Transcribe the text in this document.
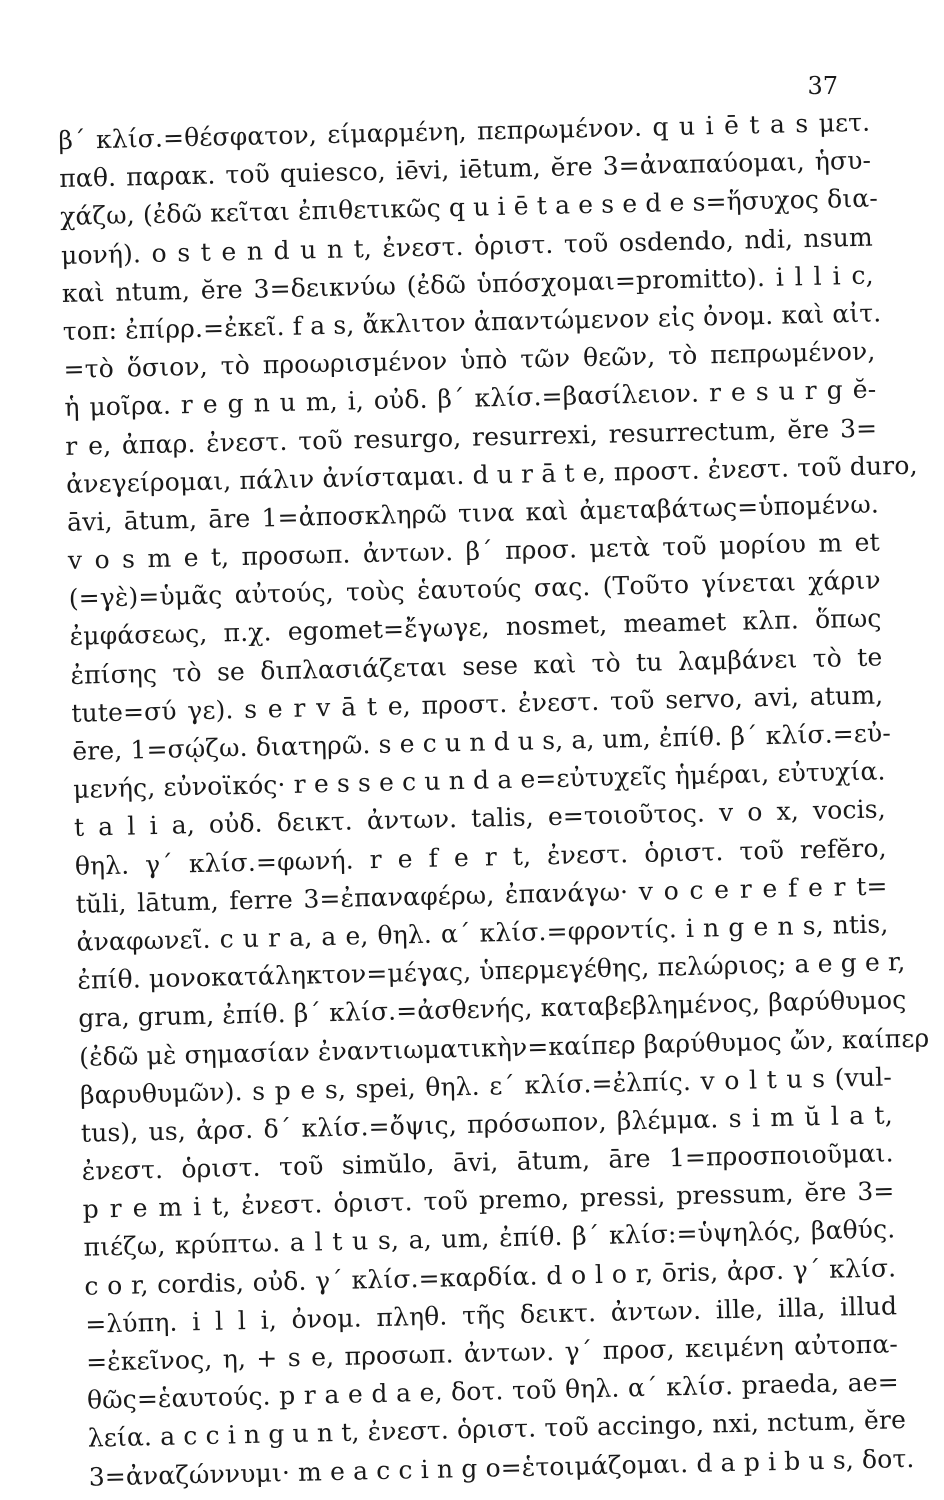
37
β΄ κλίσ.=θέσφατον, είμαρμένη, πεπρωμένον. q u i ē t a s μετ.
παθ. παρακ. τοῦ quiesco, iēvi, iētum, ĕre 3=ἀναπαύομαι, ἡσυ-
χάζω, (ἐδῶ κεῖται ἐπιθετικῶς q u i ē t a e s e d e s=ἥσυχος δια-
μονή). o s t e n d u n t, ἐνεστ. ὁριστ. τοῦ osdendo, ndi, nsum
καὶ ntum, ĕre 3=δεικνύω (ἐδῶ ὑπόσχομαι=promitto). i l l i c,
τοπ: ἐπίρρ.=ἐκεῖ. f a s, ἄκλιτον ἀπαντώμενον εἰς ὀνομ. καὶ αἰτ.
=τὸ ὅσιον, τὸ προωρισμένον ὑπὸ τῶν θεῶν, τὸ πεπρωμένον,
ἡ μοῖρα. r e g n u m, i, οὐδ. β΄ κλίσ.=βασίλειον. r e s u r g ĕ-
r e, ἀπαρ. ἐνεστ. τοῦ resurgo, resurrexi, resurrectum, ĕre 3=
ἀνεγείρομαι, πάλιν ἀνίσταμαι. d u r ā t e, προστ. ἐνεστ. τοῦ duro,
āvi, ātum, āre 1=ἀποσκληρῶ τινα καὶ ἀμεταβάτως=ὑπομένω.
v o s m e t, προσωπ. ἀντων. β΄ προσ. μετὰ τοῦ μορίου m et
(=γὲ)=ὑμᾶς αὐτούς, τοὺς ἑαυτούς σας. (Τοῦτο γίνεται χάριν
ἐμφάσεως, π.χ. egomet=ἔγωγε, nosmet, meamet κλπ. ὅπως
ἐπίσης τὸ se διπλασιάζεται sese καὶ τὸ tu λαμβάνει τὸ te
tute=σύ γε). s e r v ā t e, προστ. ἐνεστ. τοῦ servo, avi, atum,
ēre, 1=σῴζω. διατηρῶ. s e c u n d u s, a, um, ἐπίθ. β΄ κλίσ.=εὐ-
μενής, εὐνοϊκός· r e s s e c u n d a e=εὐτυχεῖς ἡμέραι, εὐτυχία.
t a l i a, οὐδ. δεικτ. ἀντων. talis, e=τοιοῦτος. v o x, vocis,
θηλ. γ΄ κλίσ.=φωνή. r e f e r t, ἐνεστ. ὁριστ. τοῦ refĕro,
tŭli, lātum, ferre 3=ἐπαναφέρω, ἐπανάγω· v o c e r e f e r t=
ἀναφωνεῖ. c u r a, a e, θηλ. α΄ κλίσ.=φροντίς. i n g e n s, ntis,
ἐπίθ. μονοκατάληκτον=μέγας, ὑπερμεγέθης, πελώριος; a e g e r,
gra, grum, ἐπίθ. β΄ κλίσ.=ἀσθενής, καταβεβλημένος, βαρύθυμος
(ἐδῶ μὲ σημασίαν ἐναντιωματικὴν=καίπερ βαρύθυμος ὤν, καίπερ
βαρυθυμῶν). s p e s, spei, θηλ. ε΄ κλίσ.=ἐλπίς. v o l t u s (vul-
tus), us, ἀρσ. δ΄ κλίσ.=ὄψις, πρόσωπον, βλέμμα. s i m ŭ l a t,
ἐνεστ. ὁριστ. τοῦ simŭlo, āvi, ātum, āre 1=προσποιοῦμαι.
p r e m i t, ἐνεστ. ὁριστ. τοῦ premo, pressi, pressum, ĕre 3=
πιέζω, κρύπτω. a l t u s, a, um, ἐπίθ. β΄ κλίσ:=ὑψηλός, βαθύς.
c o r, cordis, οὐδ. γ΄ κλίσ.=καρδία. d o l o r, ōris, ἀρσ. γ΄ κλίσ.
=λύπη. i l l i, ὀνομ. πληθ. τῆς δεικτ. ἀντων. ille, illa, illud
=ἐκεῖνος, η, + s e, προσωπ. ἀντων. γ΄ προσ, κειμένη αὐτοπα-
θῶς=ἑαυτούς. p r a e d a e, δοτ. τοῦ θηλ. α΄ κλίσ. praeda, ae=
λεία. a c c i n g u n t, ἐνεστ. ὁριστ. τοῦ accingo, nxi, nctum, ĕre
3=ἀναζώννυμι· m e a c c i n g o=ἑτοιμάζομαι. d a p i b u s, δοτ.
